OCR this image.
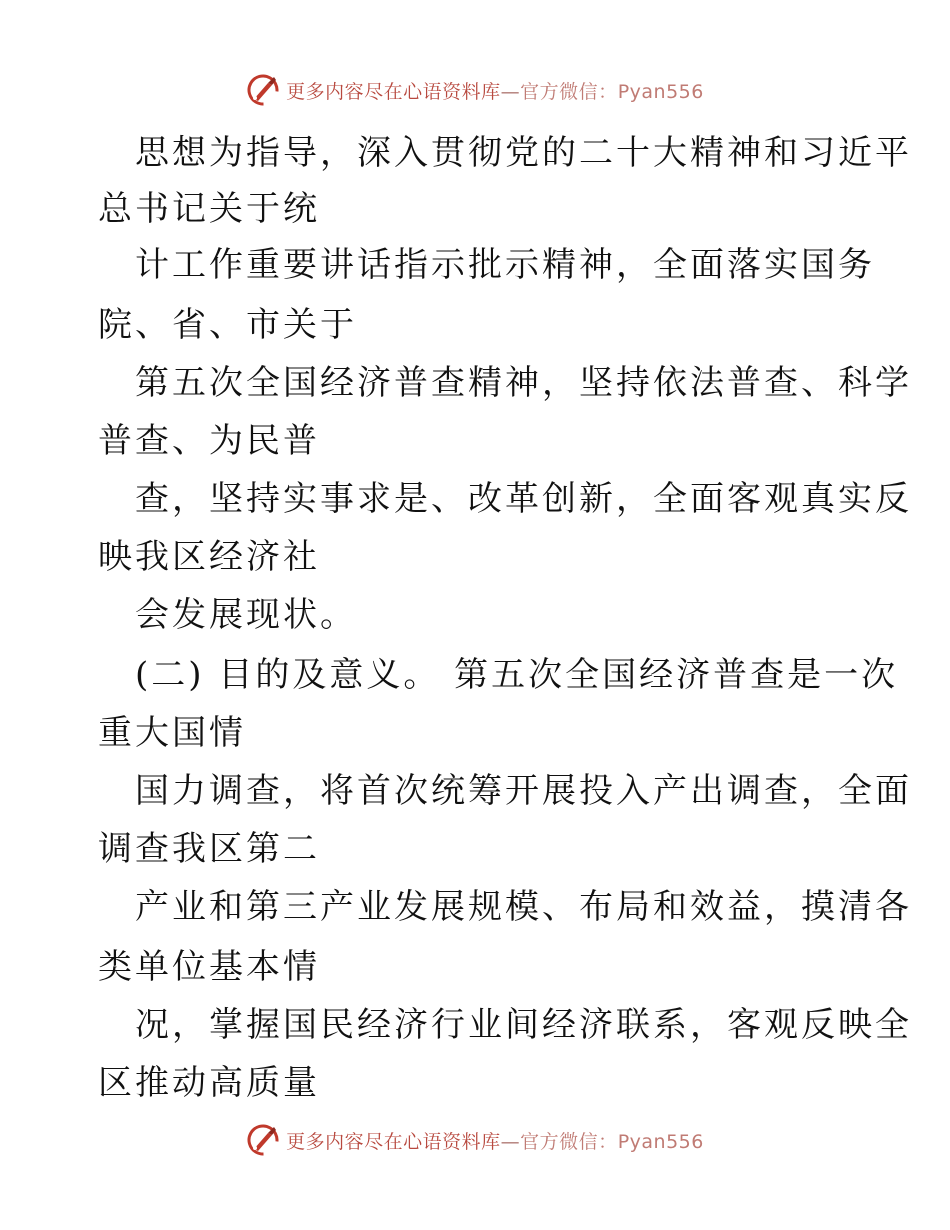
更多内容尽在心语资料库—官方微信：Pyan556
思想为指导，深入贯彻党的二十大精神和习近平
总书记关于统
计工作重要讲话指示批示精神，全面落实国务
院、省、市关于
第五次全国经济普查精神，坚持依法普查、科学
普查、为民普
查，坚持实事求是、改革创新，全面客观真实反
映我区经济社
会发展现状。
(二) 目的及意义。 第五次全国经济普查是一次
重大国情
国力调查，将首次统筹开展投入产出调查，全面
调查我区第二
产业和第三产业发展规模、布局和效益，摸清各
类单位基本情
况，掌握国民经济行业间经济联系，客观反映全
区推动高质量
更多内容尽在心语资料库—官方微信：Pyan556
